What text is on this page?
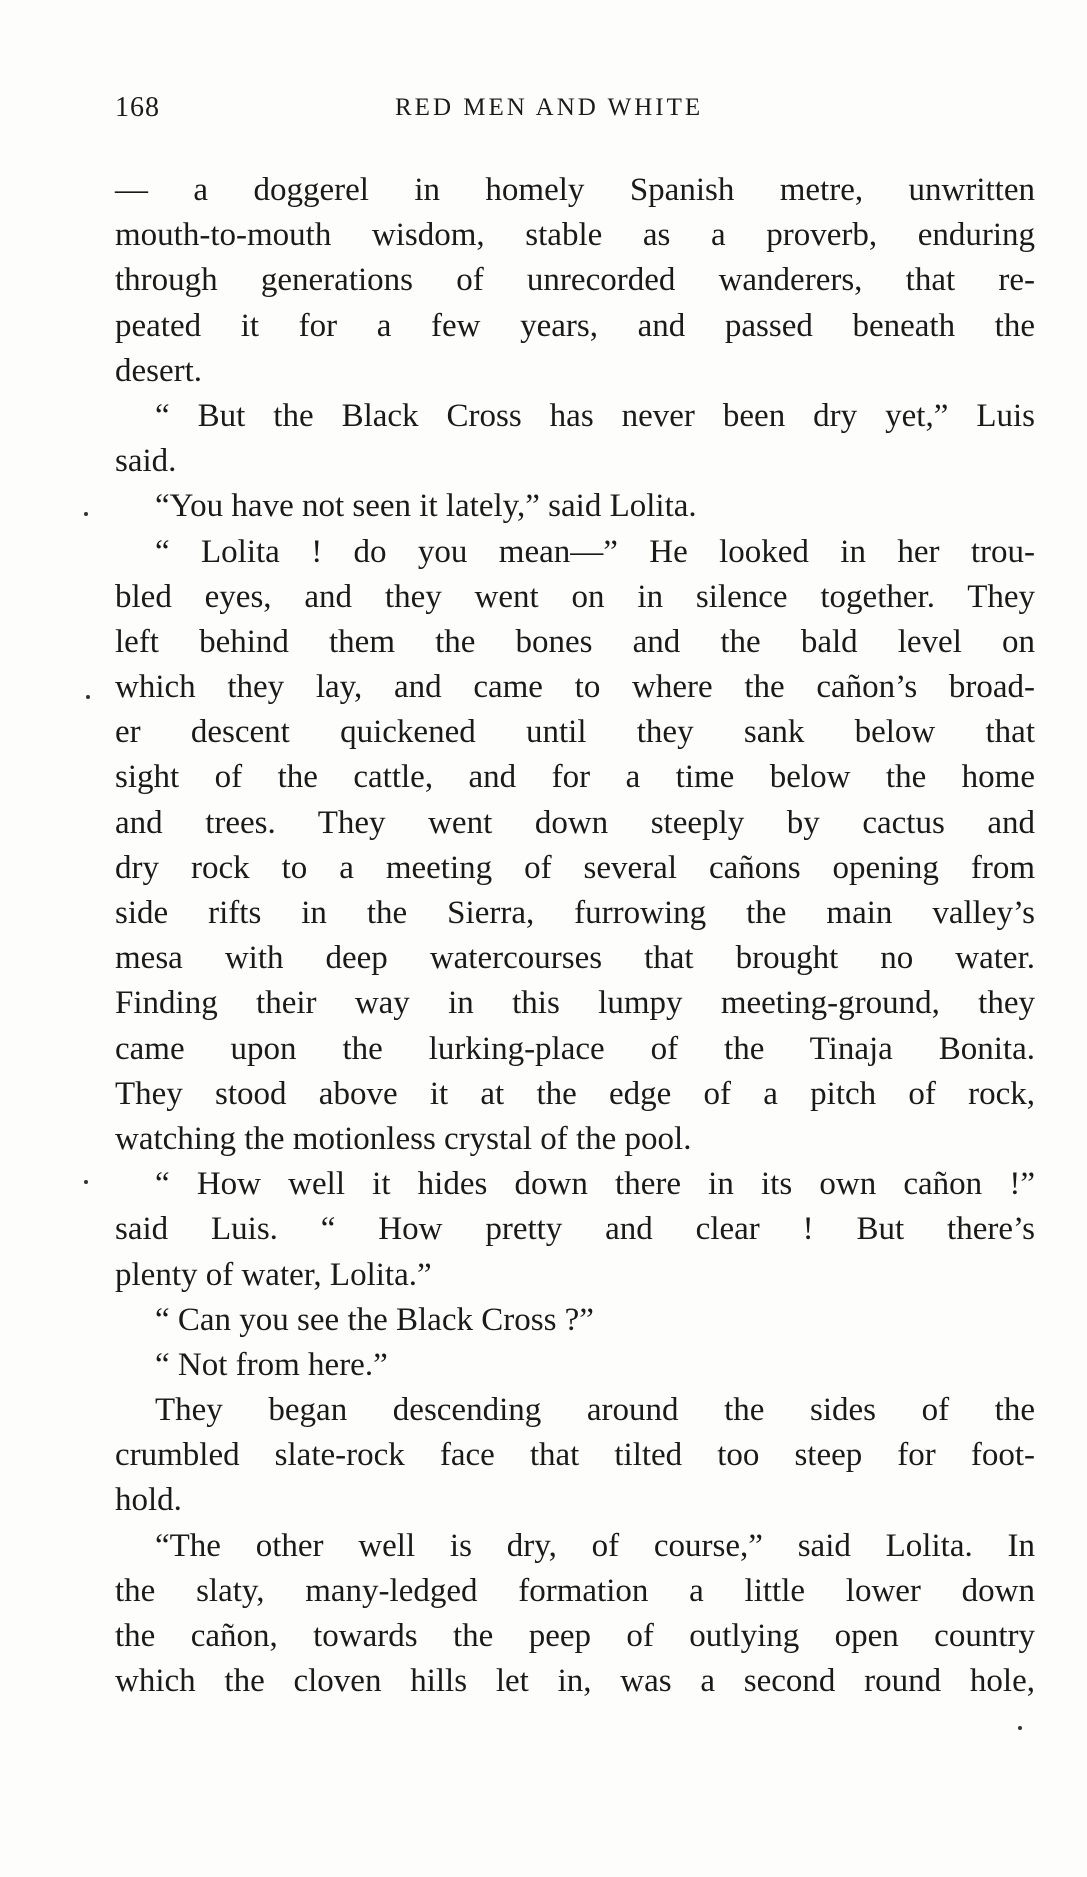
168	RED MEN AND WHITE
— a doggerel in homely Spanish metre, unwritten
mouth-to-mouth wisdom, stable as a proverb, enduring
through generations of unrecorded wanderers, that re-
peated it for a few years, and passed beneath the
desert.
“ But the Black Cross has never been dry yet,” Luis
said.
“You have not seen it lately,” said Lolita.
“ Lolita ! do you mean—” He looked in her trou-
bled eyes, and they went on in silence together. They
left behind them the bones and the bald level on
which they lay, and came to where the cañon’s broad-
er descent quickened until they sank below that
sight of the cattle, and for a time below the home
and trees. They went down steeply by cactus and
dry rock to a meeting of several cañons opening from
side rifts in the Sierra, furrowing the main valley’s
mesa with deep watercourses that brought no water.
Finding their way in this lumpy meeting-ground, they
came upon the lurking-place of the Tinaja Bonita.
They stood above it at the edge of a pitch of rock,
watching the motionless crystal of the pool.
“ How well it hides down there in its own cañon !”
said Luis. “ How pretty and clear ! But there’s
plenty of water, Lolita.”
“ Can you see the Black Cross ?”
“ Not from here.”
They began descending around the sides of the
crumbled slate-rock face that tilted too steep for foot-
hold.
“The other well is dry, of course,” said Lolita. In
the slaty, many-ledged formation a little lower down
the cañon, towards the peep of outlying open country
which the cloven hills let in, was a second round hole,
